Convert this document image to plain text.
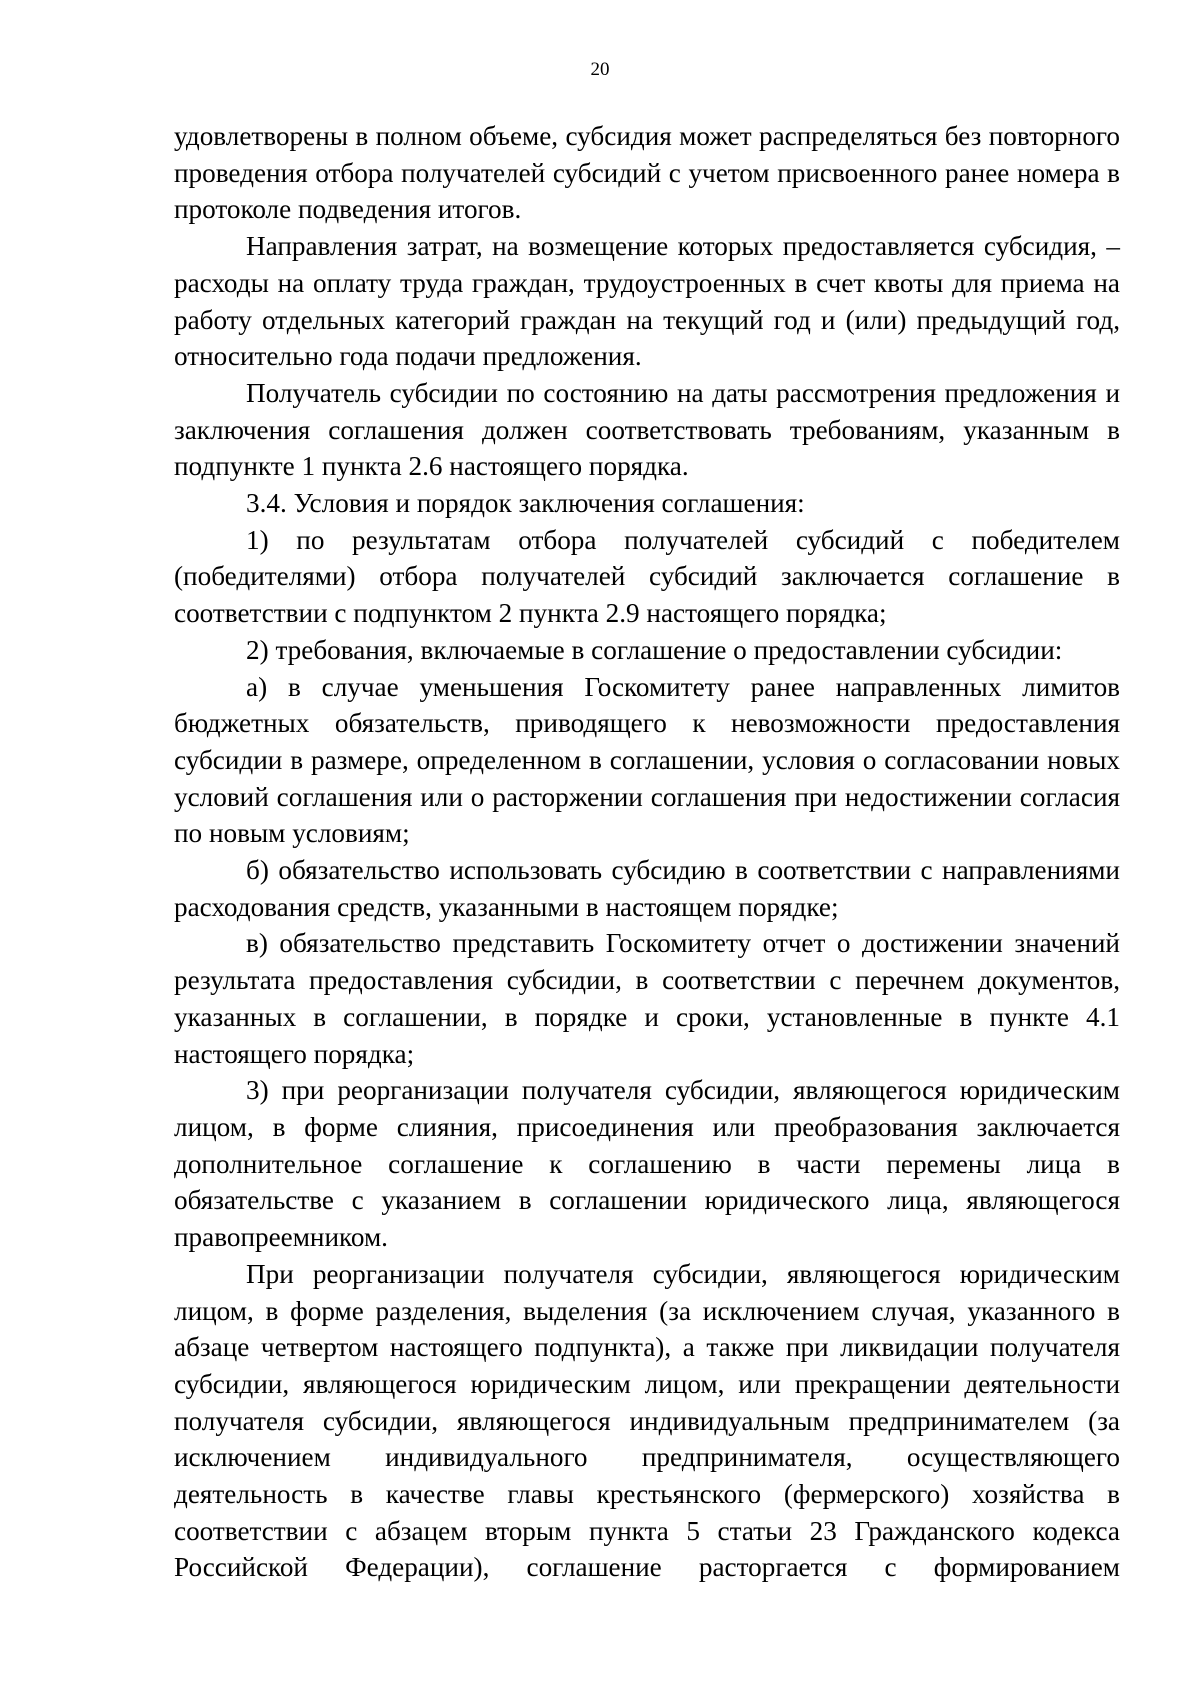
20

удовлетворены в полном объеме, субсидия может распределяться без повторного проведения отбора получателей субсидий с учетом присвоенного ранее номера в протоколе подведения итогов.

Направления затрат, на возмещение которых предоставляется субсидия, – расходы на оплату труда граждан, трудоустроенных в счет квоты для приема на работу отдельных категорий граждан на текущий год и (или) предыдущий год, относительно года подачи предложения.

Получатель субсидии по состоянию на даты рассмотрения предложения и заключения соглашения должен соответствовать требованиям, указанным в подпункте 1 пункта 2.6 настоящего порядка.

3.4. Условия и порядок заключения соглашения:

1) по результатам отбора получателей субсидий с победителем (победителями) отбора получателей субсидий заключается соглашение в соответствии с подпунктом 2 пункта 2.9 настоящего порядка;

2) требования, включаемые в соглашение о предоставлении субсидии:

а) в случае уменьшения Госкомитету ранее направленных лимитов бюджетных обязательств, приводящего к невозможности предоставления субсидии в размере, определенном в соглашении, условия о согласовании новых условий соглашения или о расторжении соглашения при недостижении согласия по новым условиям;

б) обязательство использовать субсидию в соответствии с направлениями расходования средств, указанными в настоящем порядке;

в) обязательство представить Госкомитету отчет о достижении значений результата предоставления субсидии, в соответствии с перечнем документов, указанных в соглашении, в порядке и сроки, установленные в пункте 4.1 настоящего порядка;

3) при реорганизации получателя субсидии, являющегося юридическим лицом, в форме слияния, присоединения или преобразования заключается дополнительное соглашение к соглашению в части перемены лица в обязательстве с указанием в соглашении юридического лица, являющегося правопреемником.

При реорганизации получателя субсидии, являющегося юридическим лицом, в форме разделения, выделения (за исключением случая, указанного в абзаце четвертом настоящего подпункта), а также при ликвидации получателя субсидии, являющегося юридическим лицом, или прекращении деятельности получателя субсидии, являющегося индивидуальным предпринимателем (за исключением индивидуального предпринимателя, осуществляющего деятельность в качестве главы крестьянского (фермерского) хозяйства в соответствии с абзацем вторым пункта 5 статьи 23 Гражданского кодекса Российской Федерации), соглашение расторгается с формированием
